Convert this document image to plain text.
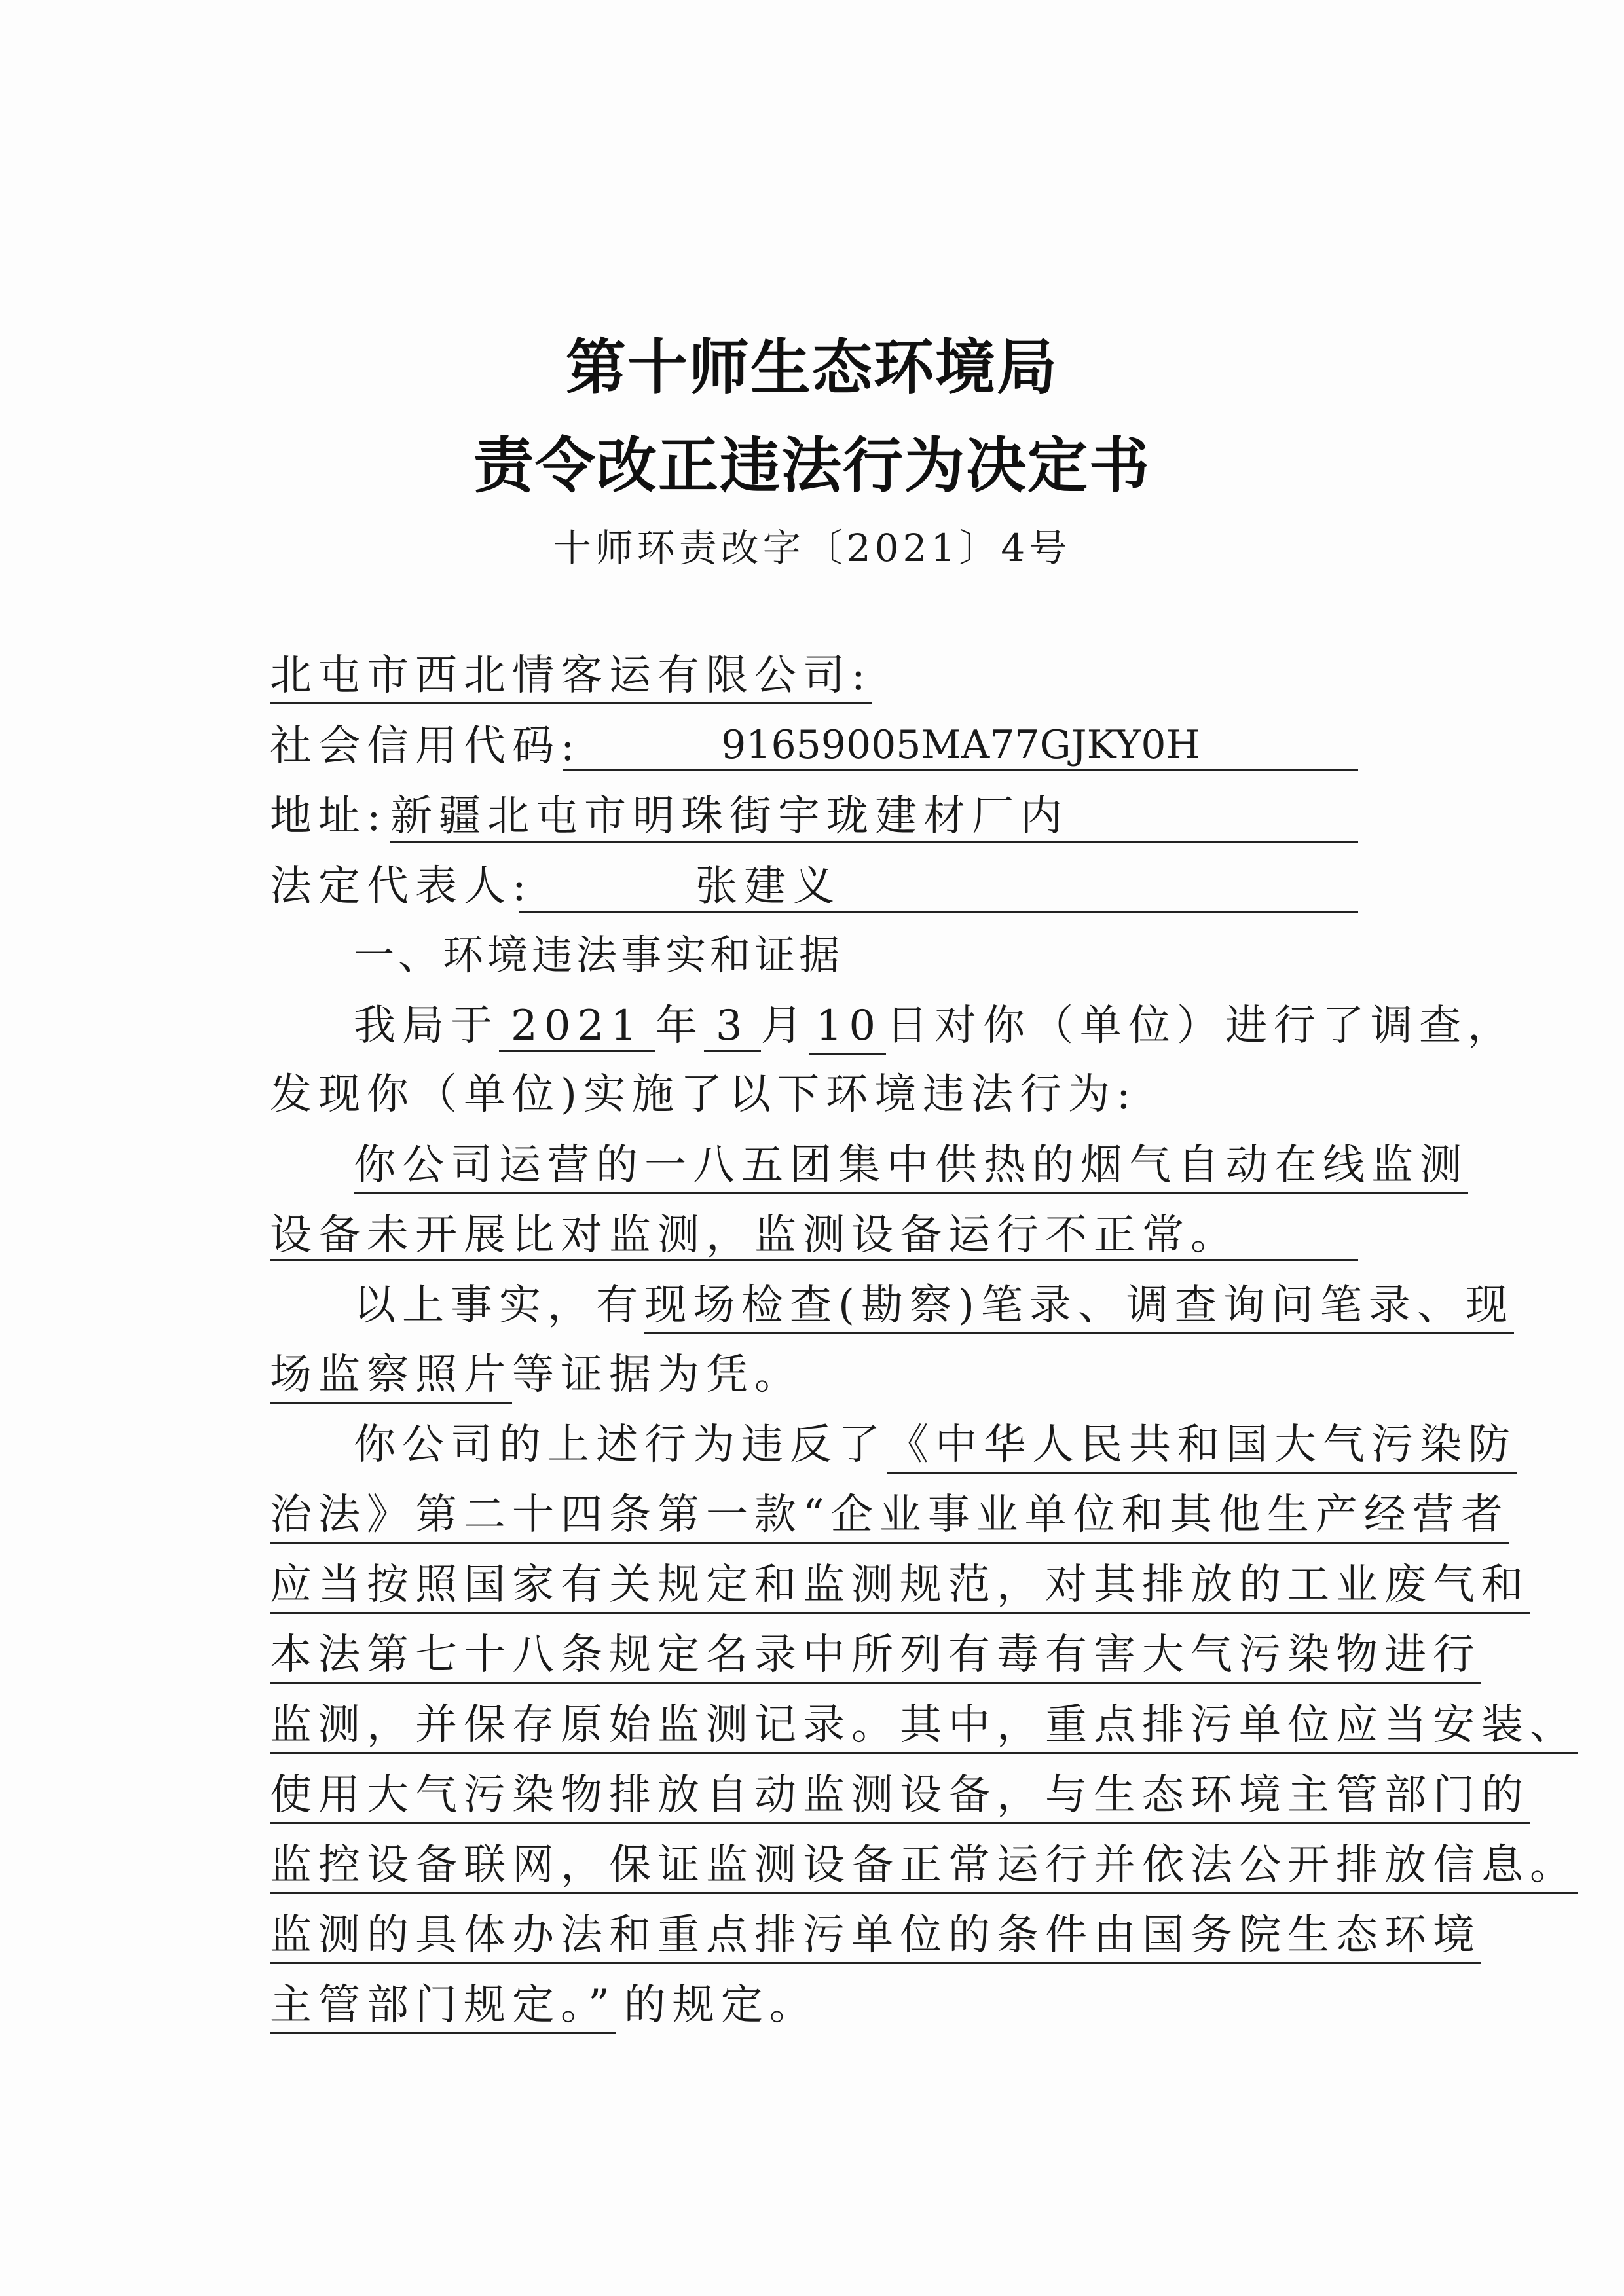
第十师生态环境局
责令改正违法行为决定书
十师环责改字〔2021〕4号
北屯市西北情客运有限公司:
社会信用代码:	91659005MA77GJKY0H
地址: 新疆北屯市明珠街宇珑建材厂内
法定代表人:	张建义
一、环境违法事实和证据
我局于 2021 年 3 月 10日对你（单位）进行了调查，
发现你（单位)实施了以下环境违法行为:
你公司运营的一八五团集中供热的烟气自动在线监测
设备未开展比对监测，监测设备运行不正常。
以上事实，有现场检查(勘察)笔录、调查询问笔录、现
场监察照片等证据为凭。
你公司的上述行为违反了《中华人民共和国大气污染防
治法》第二十四条第一款“企业事业单位和其他生产经营者
应当按照国家有关规定和监测规范，对其排放的工业废气和
本法第七十八条规定名录中所列有毒有害大气污染物进行
监测，并保存原始监测记录。其中，重点排污单位应当安装、
使用大气污染物排放自动监测设备，与生态环境主管部门的
监控设备联网，保证监测设备正常运行并依法公开排放信息。
监测的具体办法和重点排污单位的条件由国务院生态环境
主管部门规定。” 的规定。
